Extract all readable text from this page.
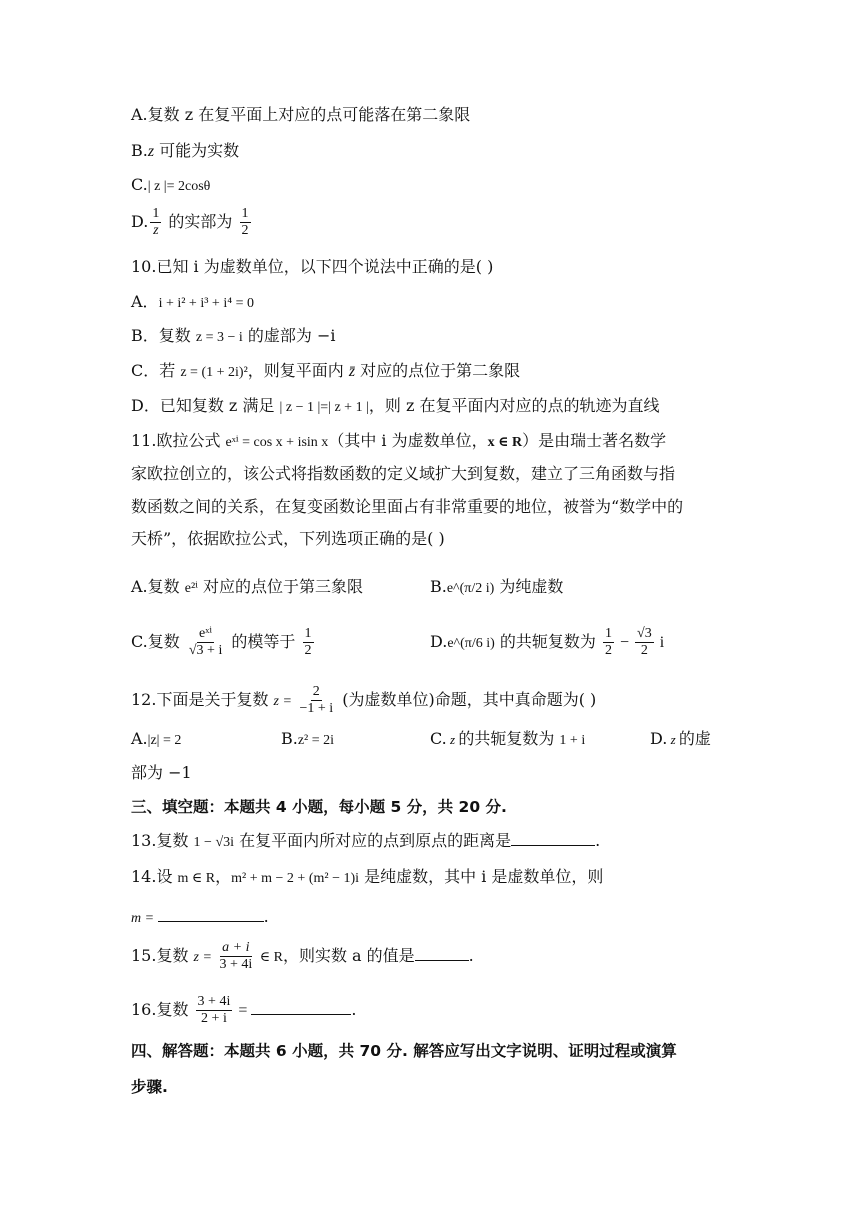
A.复数 z 在复平面上对应的点可能落在第二象限
B.z 可能为实数
C.| z |= 2cosθ
D. $\frac{1}{z}$ 的实部为 $\frac{1}{2}$
10.已知 i 为虚数单位，以下四个说法中正确的是( )
A．i + i² + i³ + i⁴ = 0
B．复数 z = 3 − i 的虚部为 −i
C．若 z = (1 + 2i)²，则复平面内 z̄ 对应的点位于第二象限
D．已知复数 z 满足 | z − 1 |=| z + 1 |，则 z 在复平面内对应的点的轨迹为直线
11.欧拉公式 eˣⁱ = cos x + isin x（其中 i 为虚数单位，x ∈ R）是由瑞士著名数学
家欧拉创立的，该公式将指数函数的定义域扩大到复数，建立了三角函数与指
数函数之间的关系，在复变函数论里面占有非常重要的地位，被誉为“数学中的
天桥”，依据欧拉公式，下列选项正确的是( )
A.复数 e²ⁱ 对应的点位于第三象限	B.e^(π/2 i) 为纯虚数
C.复数 $\frac{\text{eˣⁱ}}{√3 + i}$ 的模等于 $\frac{1}{2}$	D.e^(π/6 i) 的共轭复数为 $\frac{1}{2} - \frac{√3}{2}$ i
12.下面是关于复数 $z = \frac{2}{-1 + i}$ (为虚数单位)命题，其中真命题为( )
A.|z| = 2	B.z² = 2i	C. z 的共轭复数为 1 + i	D. z 的虚
部为 −1
三、填空题：本题共 4 小题，每小题 5 分，共 20 分.
13.复数 1 − √3i 在复平面内所对应的点到原点的距离是	.
14.设 m ∈ R，m² + m − 2 + (m² − 1)i 是纯虚数，其中 i 是虚数单位，则
m =	.
15.复数 $z = \frac{a + i}{3 + 4i}$ ∈ R，则实数 a 的值是	.
16.复数 $\frac{3 + 4i}{2 + i}$ =	.
四、解答题：本题共 6 小题，共 70 分. 解答应写出文字说明、证明过程或演算
步骤.
